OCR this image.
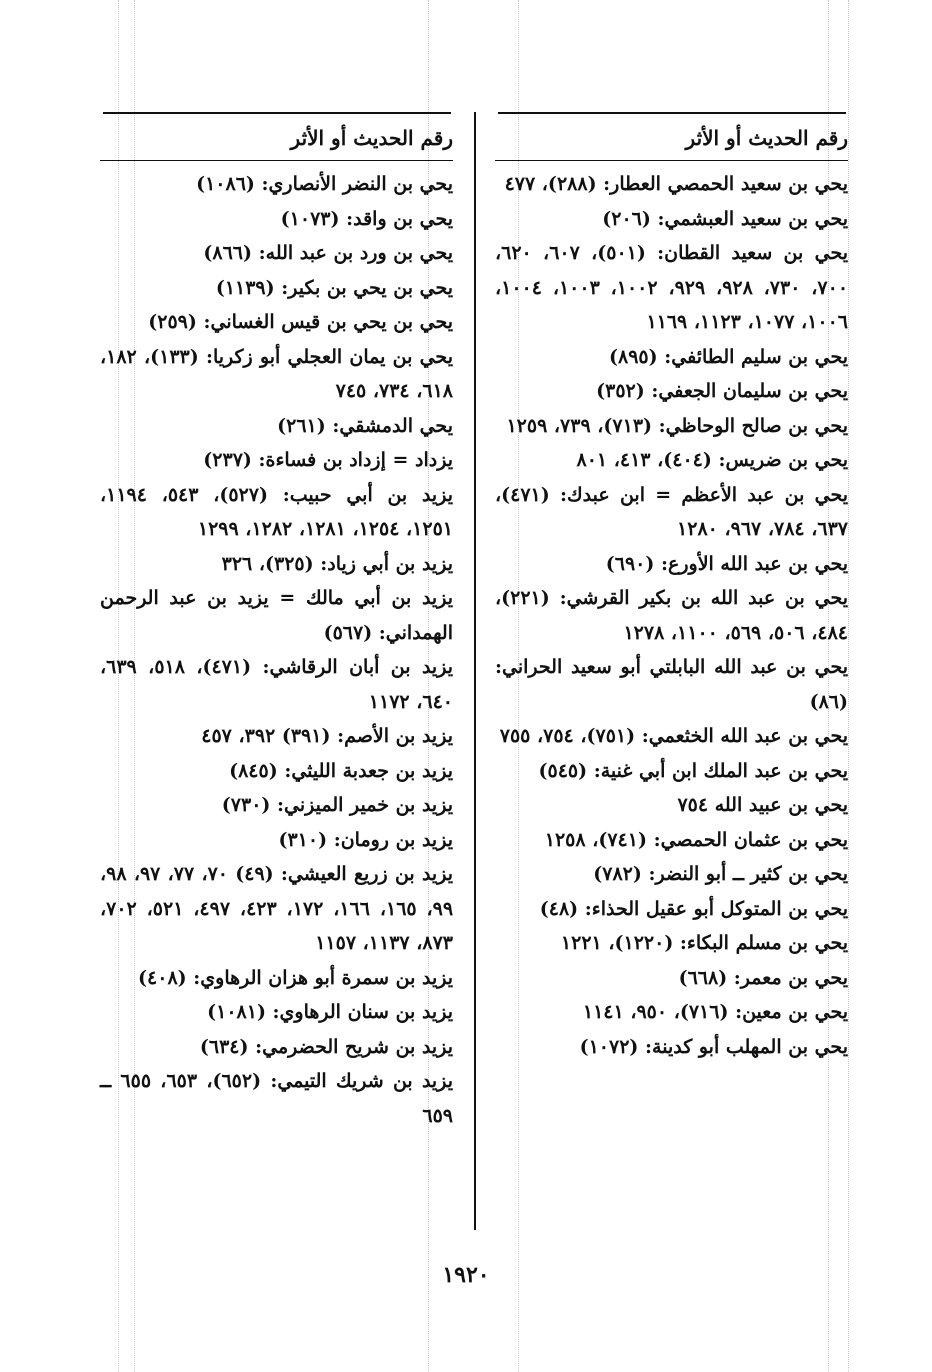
رقم الحديث أو الأثر
يحي بن سعيد الحمصي العطار: (٢٨٨)، ٤٧٧
يحي بن سعيد العبشمي: (٢٠٦)
يحي بن سعيد القطان: (٥٠١)، ٦٠٧، ٦٢٠، ٧٠٠، ٧٣٠، ٩٢٨، ٩٢٩، ١٠٠٢، ١٠٠٣، ١٠٠٤، ١٠٠٦، ١٠٧٧، ١١٢٣، ١١٦٩
يحي بن سليم الطائفي: (٨٩٥)
يحي بن سليمان الجعفي: (٣٥٢)
يحي بن صالح الوحاظي: (٧١٣)، ٧٣٩، ١٢٥٩
يحي بن ضريس: (٤٠٤)، ٤١٣، ٨٠١
يحي بن عبد الأعظم = ابن عبدك: (٤٧١)، ٦٣٧، ٧٨٤، ٩٦٧، ١٢٨٠
يحي بن عبد الله الأورع: (٦٩٠)
يحي بن عبد الله بن بكير القرشي: (٢٢١)، ٤٨٤، ٥٠٦، ٥٦٩، ١١٠٠، ١٢٧٨
يحي بن عبد الله البابلتي أبو سعيد الحراني: (٨٦)
يحي بن عبد الله الخثعمي: (٧٥١)، ٧٥٤، ٧٥٥
يحي بن عبد الملك ابن أبي غنية: (٥٤٥)
يحي بن عبيد الله ٧٥٤
يحي بن عثمان الحمصي: (٧٤١)، ١٢٥٨
يحي بن كثير ــ أبو النضر: (٧٨٢)
يحي بن المتوكل أبو عقيل الحذاء: (٤٨)
يحي بن مسلم البكاء: (١٢٢٠)، ١٢٢١
يحي بن معمر: (٦٦٨)
يحي بن معين: (٧١٦)، ٩٥٠، ١١٤١
يحي بن المهلب أبو كدينة: (١٠٧٢)
رقم الحديث أو الأثر
يحي بن النضر الأنصاري: (١٠٨٦)
يحي بن واقد: (١٠٧٣)
يحي بن ورد بن عبد الله: (٨٦٦)
يحي بن يحي بن بكير: (١١٣٩)
يحي بن يحي بن قيس الغساني: (٢٥٩)
يحي بن يمان العجلي أبو زكريا: (١٣٣)، ١٨٢، ٦١٨، ٧٣٤، ٧٤٥
يحي الدمشقي: (٢٦١)
يزداد = إزداد بن فساءة: (٢٣٧)
يزيد بن أبي حبيب: (٥٢٧)، ٥٤٣، ١١٩٤، ١٢٥١، ١٢٥٤، ١٢٨١، ١٢٨٢، ١٢٩٩
يزيد بن أبي زياد: (٣٢٥)، ٣٢٦
يزيد بن أبي مالك = يزيد بن عبد الرحمن الهمداني: (٥٦٧)
يزيد بن أبان الرقاشي: (٤٧١)، ٥١٨، ٦٣٩، ٦٤٠، ١١٧٢
يزيد بن الأصم: (٣٩١) ٣٩٢، ٤٥٧
يزيد بن جعدبة الليثي: (٨٤٥)
يزيد بن خمير الميزني: (٧٣٠)
يزيد بن رومان: (٣١٠)
يزيد بن زريع العيشي: (٤٩) ٧٠، ٧٧، ٩٧، ٩٨، ٩٩، ١٦٥، ١٦٦، ١٧٢، ٤٢٣، ٤٩٧، ٥٢١، ٧٠٢، ٨٧٣، ١١٣٧، ١١٥٧
يزيد بن سمرة أبو هزان الرهاوي: (٤٠٨)
يزيد بن سنان الرهاوي: (١٠٨١)
يزيد بن شريح الحضرمي: (٦٣٤)
يزيد بن شريك التيمي: (٦٥٢)، ٦٥٣، ٦٥٥ ــ ٦٥٩
١٩٢٠
